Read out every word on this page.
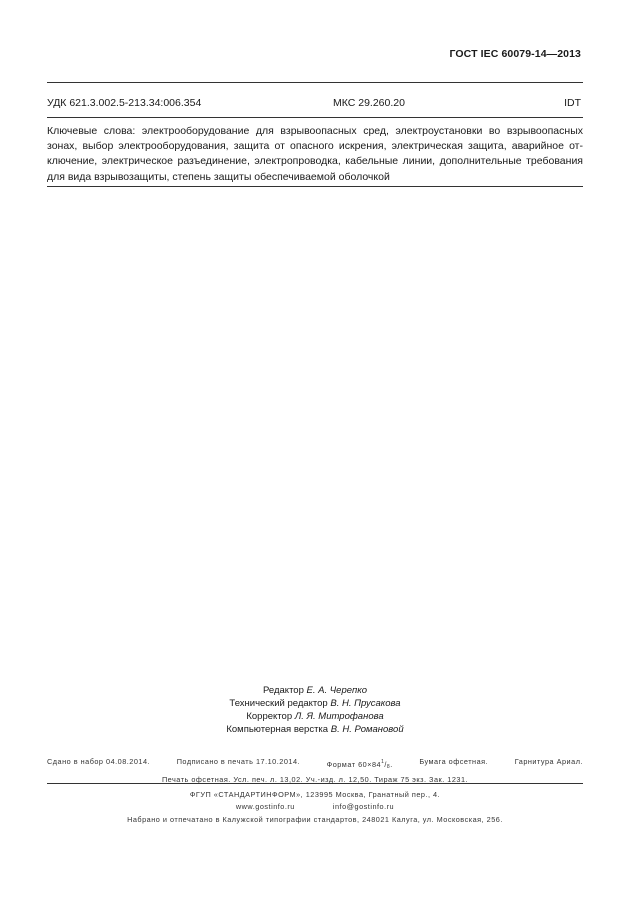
ГОСТ IEC 60079-14—2013
УДК 621.3.002.5-213.34:006.354	МКС 29.260.20	IDT
Ключевые слова: электрооборудование для взрывоопасных сред, электроустановки во взрывоопасных
зонах, выбор электрооборудования, защита от опасного искрения, электрическая защита, аварийное от-
ключение, электрическое разъединение, электропроводка, кабельные линии, дополнительные требования
для вида взрывозащиты, степень защиты обеспечиваемой оболочкой
Редактор Е. А. Черепко
Технический редактор В. Н. Прусакова
Корректор Л. Я. Митрофанова
Компьютерная верстка В. Н. Романовой
Сдано в набор 04.08.2014.	Подписано в печать 17.10.2014.	Формат $60\times 84^1/_8$.	Бумага офсетная.	Гарнитура Ариал.
Печать офсетная. Усл. печ. л. 13,02. Уч.-изд. л. 12,50. Тираж 75 экз. Зак. 1231.
ФГУП «СТАНДАРТИНФОРМ», 123995 Москва, Гранатный пер., 4.
www.gostinfo.ru	info@gostinfo.ru
Набрано и отпечатано в Калужской типографии стандартов, 248021 Калуга, ул. Московская, 256.
